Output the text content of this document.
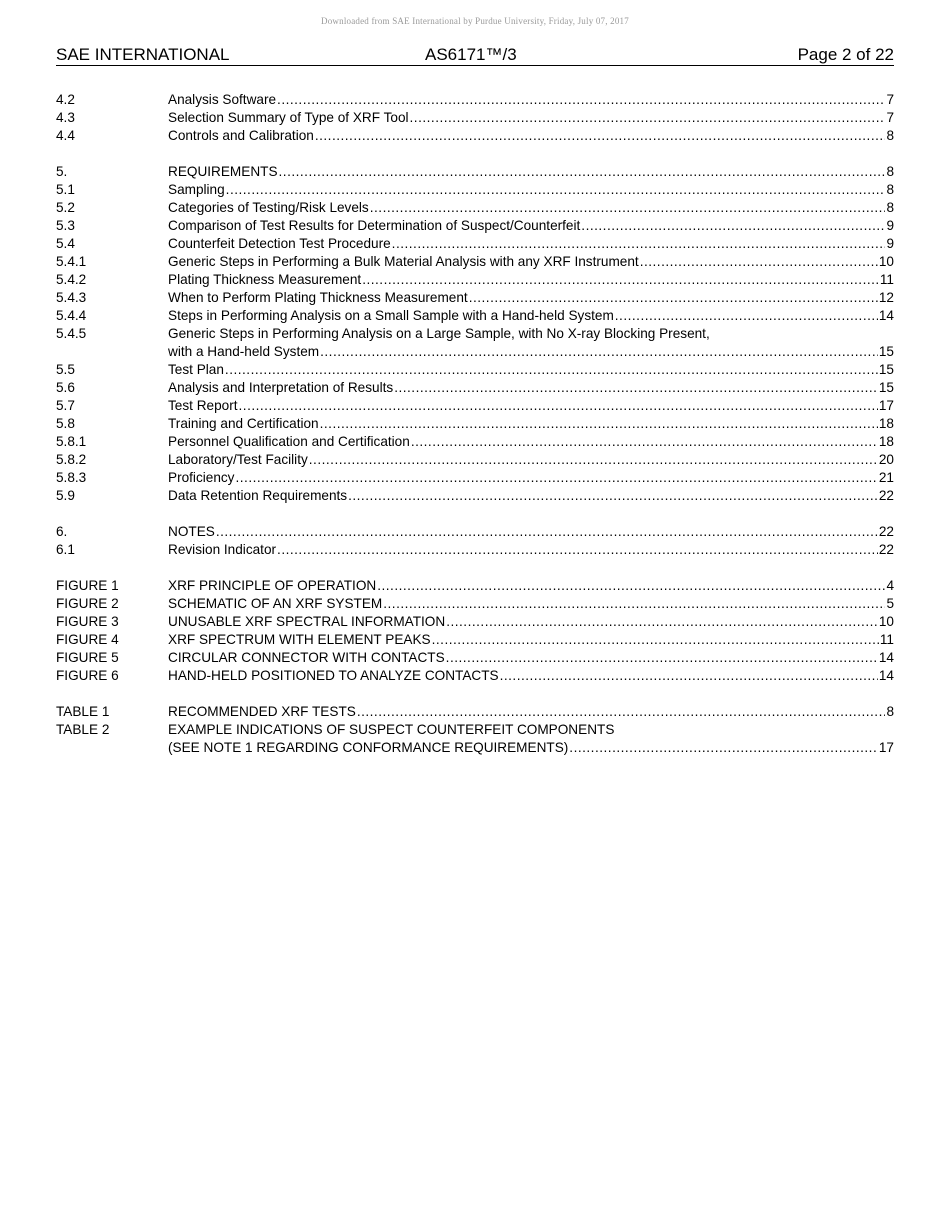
Downloaded from SAE International by Purdue University, Friday, July 07, 2017
SAE INTERNATIONAL	AS6171™/3	Page 2 of 22
4.2	Analysis Software .....	7
4.3	Selection Summary of Type of XRF Tool .....	7
4.4	Controls and Calibration .....	8
5.	REQUIREMENTS .....	8
5.1	Sampling .....	8
5.2	Categories of Testing/Risk Levels .....	8
5.3	Comparison of Test Results for Determination of Suspect/Counterfeit .....	9
5.4	Counterfeit Detection Test Procedure .....	9
5.4.1	Generic Steps in Performing a Bulk Material Analysis with any XRF Instrument .....	10
5.4.2	Plating Thickness Measurement .....	11
5.4.3	When to Perform Plating Thickness Measurement .....	12
5.4.4	Steps in Performing Analysis on a Small Sample with a Hand-held System .....	14
5.4.5	Generic Steps in Performing Analysis on a Large Sample, with No X-ray Blocking Present,
with a Hand-held System .....	15
5.5	Test Plan .....	15
5.6	Analysis and Interpretation of Results .....	15
5.7	Test Report .....	17
5.8	Training and Certification .....	18
5.8.1	Personnel Qualification and Certification .....	18
5.8.2	Laboratory/Test Facility .....	20
5.8.3	Proficiency .....	21
5.9	Data Retention Requirements .....	22
6.	NOTES .....	22
6.1	Revision Indicator .....	22
FIGURE 1	XRF PRINCIPLE OF OPERATION .....	4
FIGURE 2	SCHEMATIC OF AN XRF SYSTEM .....	5
FIGURE 3	UNUSABLE XRF SPECTRAL INFORMATION .....	10
FIGURE 4	XRF SPECTRUM WITH ELEMENT PEAKS .....	11
FIGURE 5	CIRCULAR CONNECTOR WITH CONTACTS .....	14
FIGURE 6	HAND-HELD POSITIONED TO ANALYZE CONTACTS .....	14
TABLE 1	RECOMMENDED XRF TESTS .....	8
TABLE 2	EXAMPLE INDICATIONS OF SUSPECT COUNTERFEIT COMPONENTS
(SEE NOTE 1 REGARDING CONFORMANCE REQUIREMENTS) .....	17
